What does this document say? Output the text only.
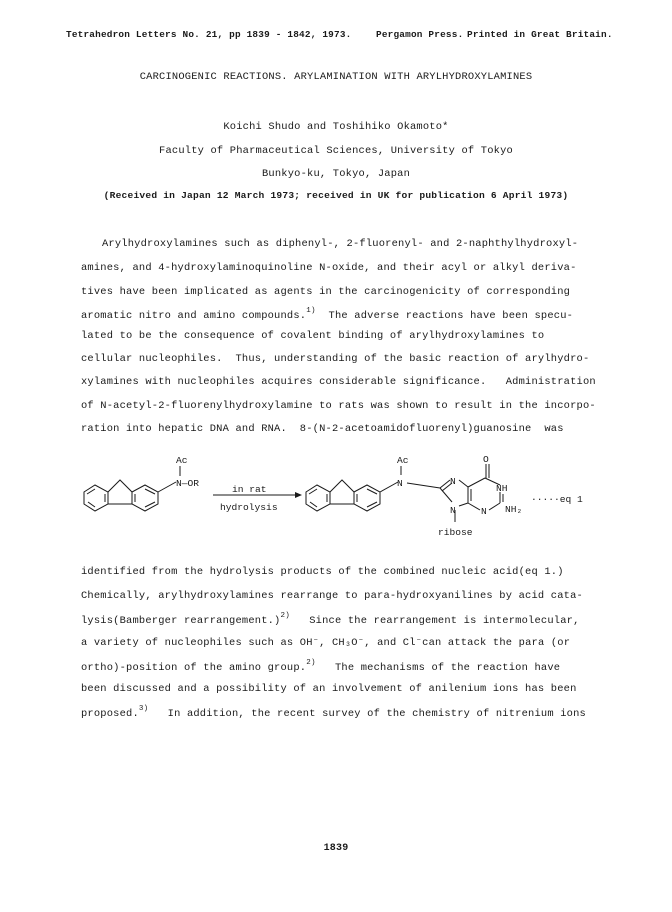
Tetrahedron Letters No. 21, pp 1839 - 1842, 1973.	Pergamon Press. Printed in Great Britain.
CARCINOGENIC REACTIONS. ARYLAMINATION WITH ARYLHYDROXYLAMINES
Koichi Shudo and Toshihiko Okamoto*
Faculty of Pharmaceutical Sciences, University of Tokyo
Bunkyo-ku, Tokyo, Japan
(Received in Japan 12 March 1973; received in UK for publication 6 April 1973)
Arylhydroxylamines such as diphenyl-, 2-fluorenyl- and 2-naphthylhydroxyl-
amines, and 4-hydroxylaminoquinoline N-oxide, and their acyl or alkyl deriva-
tives have been implicated as agents in the carcinogenicity of corresponding
aromatic nitro and amino compounds.$^{1)}$  The adverse reactions have been specu-
lated to be the consequence of covalent binding of arylhydroxylamines to
cellular nucleophiles.  Thus, understanding of the basic reaction of arylhydro-
xylamines with nucleophiles acquires considerable significance.   Administration
of N-acetyl-2-fluorenylhydroxylamine to rats was shown to result in the incorpo-
ration into hepatic DNA and RNA.  8-(N-2-acetoamidofluorenyl)guanosine  was
Ac
N—OR
in rat
hydrolysis
Ac
N
O
N
NH
N	N NH₂
ribose
·····eq 1
identified from the hydrolysis products of the combined nucleic acid(eq 1.)
Chemically, arylhydroxylamines rearrange to para-hydroxyanilines by acid cata-
lysis(Bamberger rearrangement.)$^{2)}$   Since the rearrangement is intermolecular,
a variety of nucleophiles such as OH⁻, CH₃O⁻, and Cl⁻can attack the para (or
ortho)-position of the amino group.$^{2)}$   The mechanisms of the reaction have
been discussed and a possibility of an involvement of anilenium ions has been
proposed.$^{3)}$   In addition, the recent survey of the chemistry of nitrenium ions
1839
